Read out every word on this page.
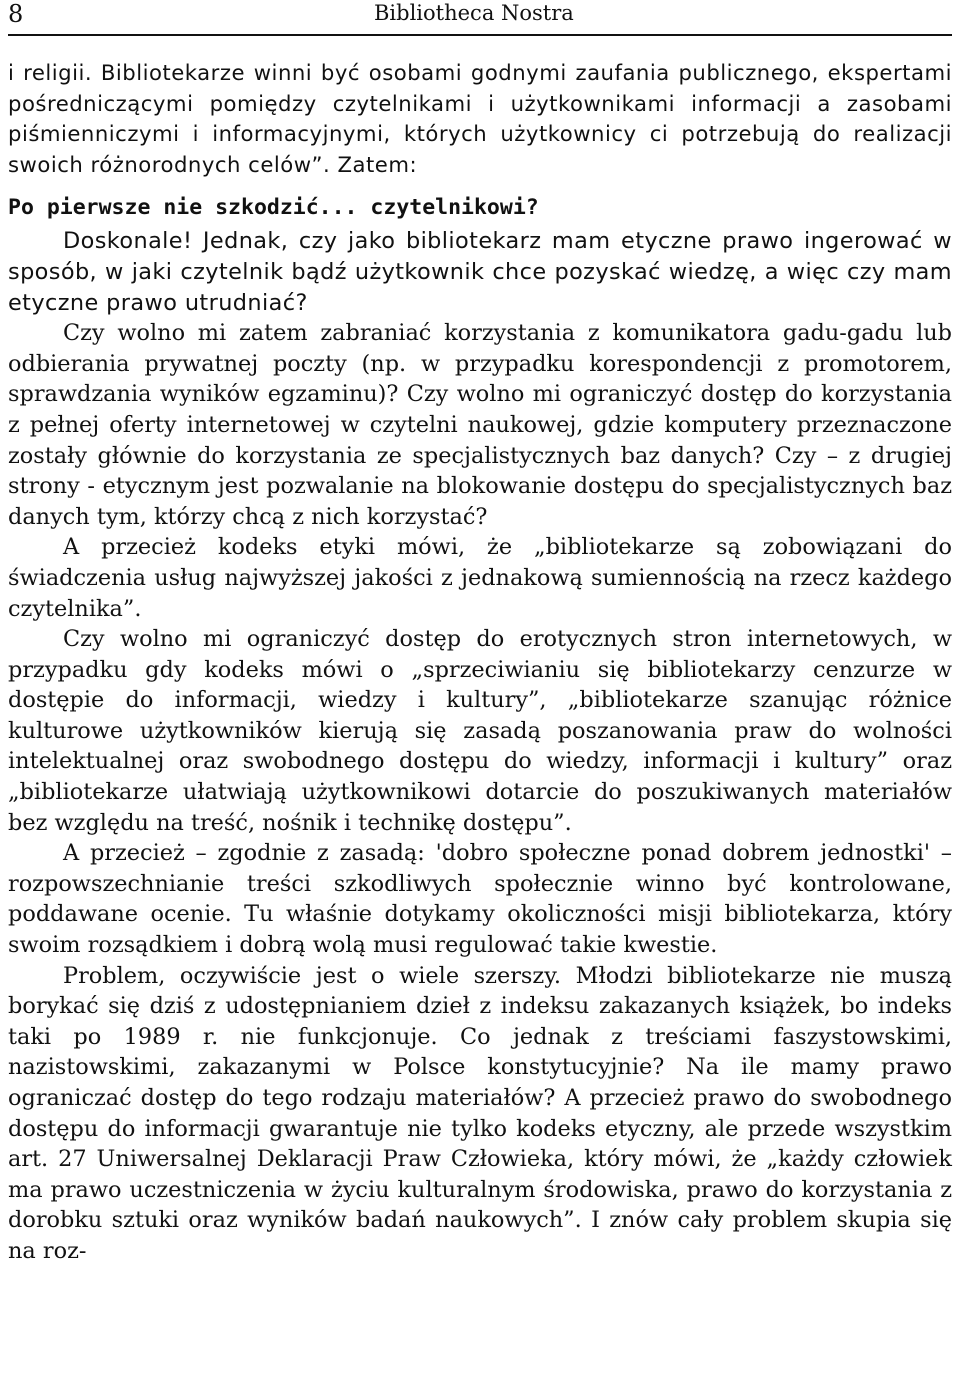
8	Bibliotheca Nostra

i religii. Bibliotekarze winni być osobami godnymi zaufania publicznego, ekspertami pośredniczącymi pomiędzy czytelnikami i użytkownikami informacji a zasobami piśmienniczymi i informacyjnymi, których użytkownicy ci potrzebują do realizacji swoich różnorodnych celów”. Zatem:

Po pierwsze nie szkodzić... czytelnikowi?

Doskonale! Jednak, czy jako bibliotekarz mam etyczne prawo ingerować w sposób, w jaki czytelnik bądź użytkownik chce pozyskać wiedzę, a więc czy mam etyczne prawo utrudniać?

Czy wolno mi zatem zabraniać korzystania z komunikatora gadu-gadu lub odbierania prywatnej poczty (np. w przypadku korespondencji z promotorem, sprawdzania wyników egzaminu)? Czy wolno mi ograniczyć dostęp do korzystania z pełnej oferty internetowej w czytelni naukowej, gdzie komputery przeznaczone zostały głównie do korzystania ze specjalistycznych baz danych? Czy – z drugiej strony - etycznym jest pozwalanie na blokowanie dostępu do specjalistycznych baz danych tym, którzy chcą z nich korzystać?

A przecież kodeks etyki mówi, że „bibliotekarze są zobowiązani do świadczenia usług najwyższej jakości z jednakową sumiennością na rzecz każdego czytelnika”.

Czy wolno mi ograniczyć dostęp do erotycznych stron internetowych, w przypadku gdy kodeks mówi o „sprzeciwianiu się bibliotekarzy cenzurze w dostępie do informacji, wiedzy i kultury”, „bibliotekarze szanując różnice kulturowe użytkowników kierują się zasadą poszanowania praw do wolności intelektualnej oraz swobodnego dostępu do wiedzy, informacji i kultury” oraz „bibliotekarze ułatwiają użytkownikowi dotarcie do poszukiwanych materiałów bez względu na treść, nośnik i technikę dostępu”.

A przecież – zgodnie z zasadą: 'dobro społeczne ponad dobrem jednostki' – rozpowszechnianie treści szkodliwych społecznie winno być kontrolowane, poddawane ocenie. Tu właśnie dotykamy okoliczności misji bibliotekarza, który swoim rozsądkiem i dobrą wolą musi regulować takie kwestie.

Problem, oczywiście jest o wiele szerszy. Młodzi bibliotekarze nie muszą borykać się dziś z udostępnianiem dzieł z indeksu zakazanych książek, bo indeks taki po 1989 r. nie funkcjonuje. Co jednak z treściami faszystowskimi, nazistowskimi, zakazanymi w Polsce konstytucyjnie? Na ile mamy prawo ograniczać dostęp do tego rodzaju materiałów? A przecież prawo do swobodnego dostępu do informacji gwarantuje nie tylko kodeks etyczny, ale przede wszystkim art. 27 Uniwersalnej Deklaracji Praw Człowieka, który mówi, że „każdy człowiek ma prawo uczestniczenia w życiu kulturalnym środowiska, prawo do korzystania z dorobku sztuki oraz wyników badań naukowych”. I znów cały problem skupia się na roz-
